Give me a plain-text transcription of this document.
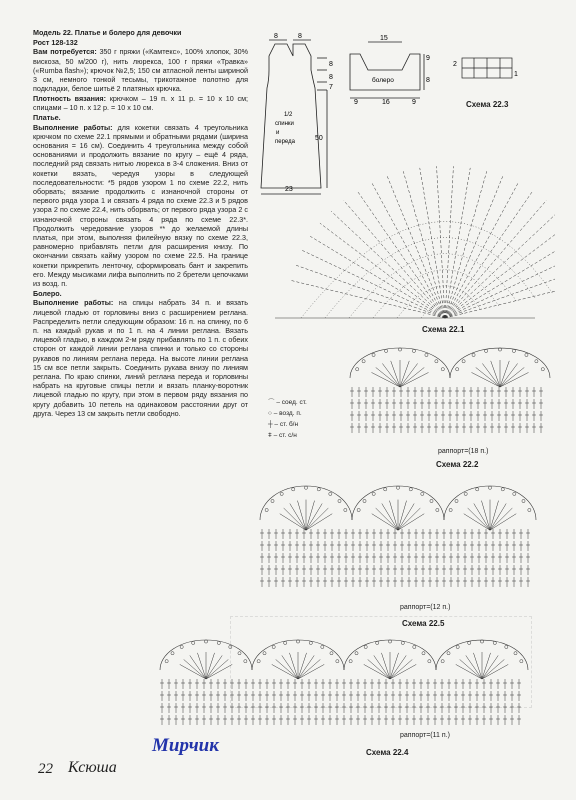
Модель 22. Платье и болеро для девочки

Рост 128-132

Вам потребуется: 350 г пряжи («Камтекс», 100% хлопок, 30% вискоза, 50 м/200 г), нить люрекса, 100 г пряжи «Травка» («Rumba flash»); крючок №2,5; 150 см атласной ленты шириной 3 см, немного тонкой тесьмы, трикотажное полотно для подкладки, белое шитьё 2 платяных крючка.

Плотность вязания: крючком – 19 п. x 11 р. = 10 x 10 см; спицами – 10 п. x 12 р. = 10 x 10 см.

Платье.

Выполнение работы: для кокетки связать 4 треугольника крючком по схеме 22.1 прямыми и обратными рядами (ширина основания = 16 см). Соединить 4 треугольника между собой основаниями и продолжить вязание по кругу – ещё 4 ряда, последний ряд связать нитью люрекса в 3-4 сложения. Вниз от кокетки вязать, чередуя узоры в следующей последовательности: *5 рядов узором 1 по схеме 22.2, нить оборвать; вязание продолжить с изнаночной стороны от первого ряда узора 1 и связать 4 ряда по схеме 22.3 и 5 рядов узора 2 по схеме 22.4, нить оборвать; от первого ряда узора 2 с изнаночной стороны связать 4 ряда по схеме 22.3*. Продолжить чередование узоров ** до желаемой длины платья, при этом, выполняя филейную вязку по схеме 22.3, равномерно прибавлять петли для расширения книзу. По окончании связать кайму узором по схеме 22.5. На границе кокетки прикрепить ленточку, сформировать бант и закрепить его. Между мысиками лифа выполнить по 2 бретели цепочками из возд. п.

Болеро.

Выполнение работы: на спицы набрать 34 п. и вязать лицевой гладью от горловины вниз с расширением реглана. Распределить петли следующим образом: 16 п. на спинку, по 6 п. на каждый рукав и по 1 п. на 4 линии реглана. Вязать лицевой гладью, в каждом 2-м ряду прибавлять по 1 п. с обеих сторон от каждой линии реглана спинки и только со стороны рукавов по линиям реглана переда. На высоте линии реглана 15 см все петли закрыть. Соединить рукава внизу по линиям реглана. По краю спинки, линий реглана переда и горловины набрать на круговые спицы петли и вязать планку-воротник лицевой гладью по кругу, при этом в первом ряду вязания по кругу добавить 10 петель на одинаковом расстоянии друг от друга. Через 13 см закрыть петли свободно.

8	8
8
8
7
50
23
1/2
спинки
и
переда
15
9
8
9	16	9
болеро
2
1
Схема 22.3
Схема 22.1
раппорт=(18 п.)
Схема 22.2
⌒ – соед. ст.
○ – возд. п.
┼ – ст. б/н
ǂ – ст. с/н
раппорт=(12 п.)
Схема 22.5
раппорт=(11 п.)
Схема 22.4
Мирчик
22 Ксюша
